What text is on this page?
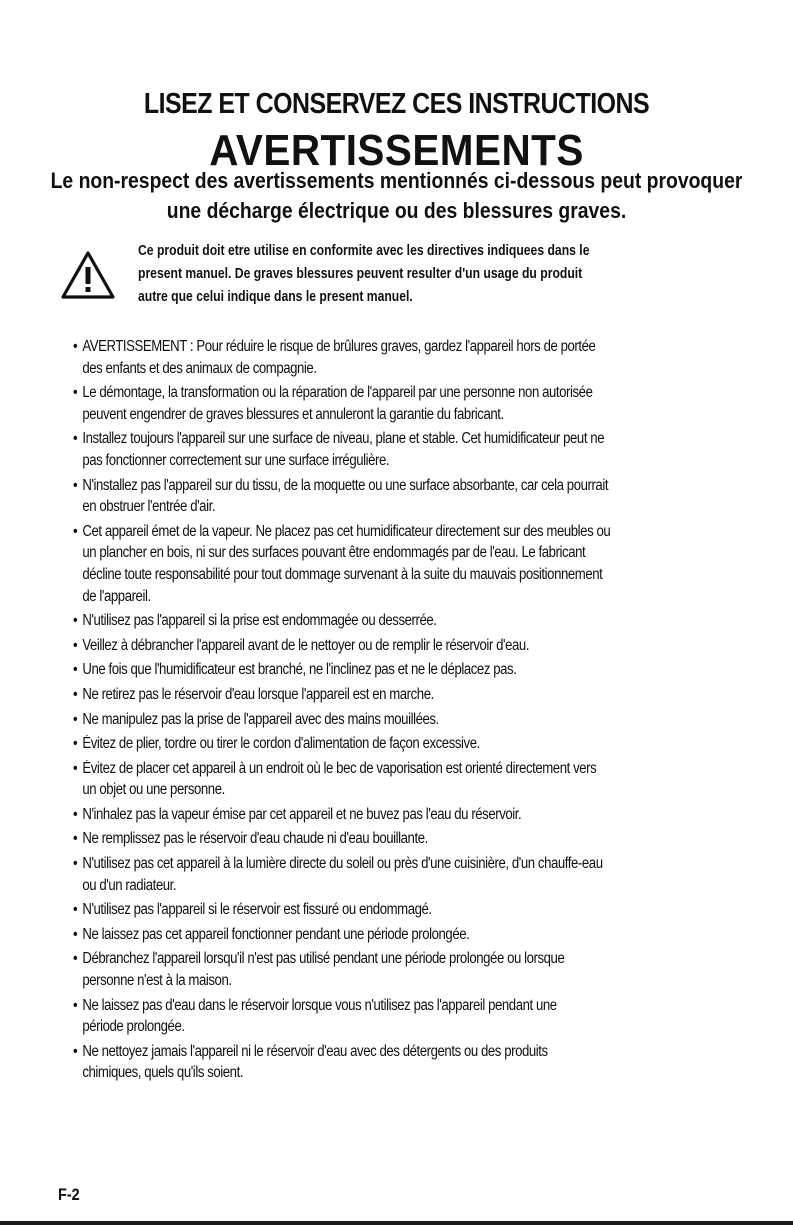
LISEZ ET CONSERVEZ CES INSTRUCTIONS
AVERTISSEMENTS
Le non-respect des avertissements mentionnés ci-dessous peut provoquer
une décharge électrique ou des blessures graves.
Ce produit doit etre utilise en conformite avec les directives indiquees dans le
present manuel. De graves blessures peuvent resulter d'un usage du produit
autre que celui indique dans le present manuel.
• AVERTISSEMENT : Pour réduire le risque de brûlures graves, gardez l'appareil hors de portée
des enfants et des animaux de compagnie.
• Le démontage, la transformation ou la réparation de l'appareil par une personne non autorisée
peuvent engendrer de graves blessures et annuleront la garantie du fabricant.
• Installez toujours l'appareil sur une surface de niveau, plane et stable. Cet humidificateur peut ne
pas fonctionner correctement sur une surface irrégulière.
• N'installez pas l'appareil sur du tissu, de la moquette ou une surface absorbante, car cela pourrait
en obstruer l'entrée d'air.
• Cet appareil émet de la vapeur. Ne placez pas cet humidificateur directement sur des meubles ou
un plancher en bois, ni sur des surfaces pouvant être endommagés par de l'eau. Le fabricant
décline toute responsabilité pour tout dommage survenant à la suite du mauvais positionnement
de l'appareil.
• N'utilisez pas l'appareil si la prise est endommagée ou desserrée.
• Veillez à débrancher l'appareil avant de le nettoyer ou de remplir le réservoir d'eau.
• Une fois que l'humidificateur est branché, ne l'inclinez pas et ne le déplacez pas.
• Ne retirez pas le réservoir d'eau lorsque l'appareil est en marche.
• Ne manipulez pas la prise de l'appareil avec des mains mouillées.
• Évitez de plier, tordre ou tirer le cordon d'alimentation de façon excessive.
• Évitez de placer cet appareil à un endroit où le bec de vaporisation est orienté directement vers
un objet ou une personne.
• N'inhalez pas la vapeur émise par cet appareil et ne buvez pas l'eau du réservoir.
• Ne remplissez pas le réservoir d'eau chaude ni d'eau bouillante.
• N'utilisez pas cet appareil à la lumière directe du soleil ou près d'une cuisinière, d'un chauffe-eau
ou d'un radiateur.
• N'utilisez pas l'appareil si le réservoir est fissuré ou endommagé.
• Ne laissez pas cet appareil fonctionner pendant une période prolongée.
• Débranchez l'appareil lorsqu'il n'est pas utilisé pendant une période prolongée ou lorsque
personne n'est à la maison.
• Ne laissez pas d'eau dans le réservoir lorsque vous n'utilisez pas l'appareil pendant une
période prolongée.
• Ne nettoyez jamais l'appareil ni le réservoir d'eau avec des détergents ou des produits
chimiques, quels qu'ils soient.

F-2
